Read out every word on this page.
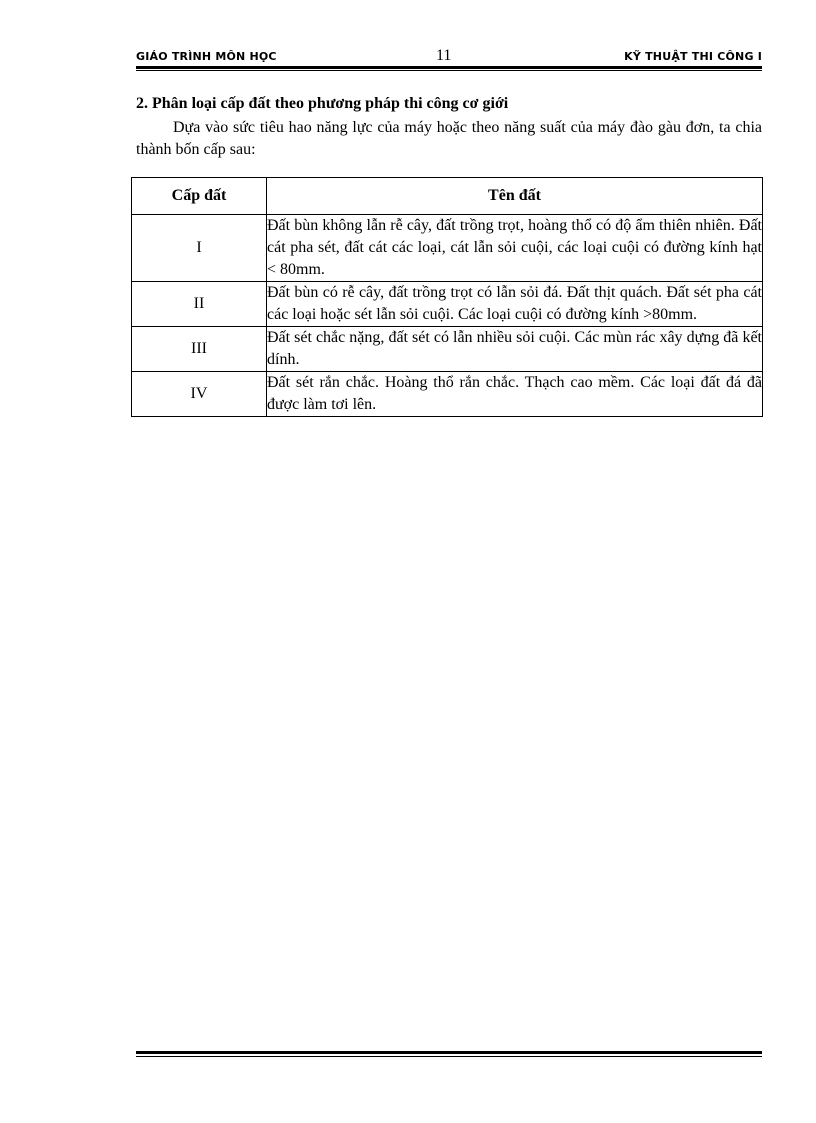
GIÁO TRÌNH MÔN HỌC	11	KỸ THUẬT THI CÔNG I
2. Phân loại cấp đất theo phương pháp thi công cơ giới
Dựa vào sức tiêu hao năng lực của máy hoặc theo năng suất của máy đào gàu đơn, ta chia thành bốn cấp sau:
Cấp đất	Tên đất
I	Đất bùn không lẫn rễ cây, đất trồng trọt, hoàng thổ có độ ẩm thiên nhiên. Đất cát pha sét, đất cát các loại, cát lẫn sỏi cuội, các loại cuội có đường kính hạt < 80mm.
II	Đất bùn có rễ cây, đất trồng trọt có lẫn sỏi đá. Đất thịt quách. Đất sét pha cát các loại hoặc sét lẫn sỏi cuội. Các loại cuội có đường kính >80mm.
III	Đất sét chắc nặng, đất sét có lẫn nhiều sỏi cuội. Các mùn rác xây dựng đã kết dính.
IV	Đất sét rắn chắc. Hoàng thổ rắn chắc. Thạch cao mềm. Các loại đất đá đã được làm tơi lên.
